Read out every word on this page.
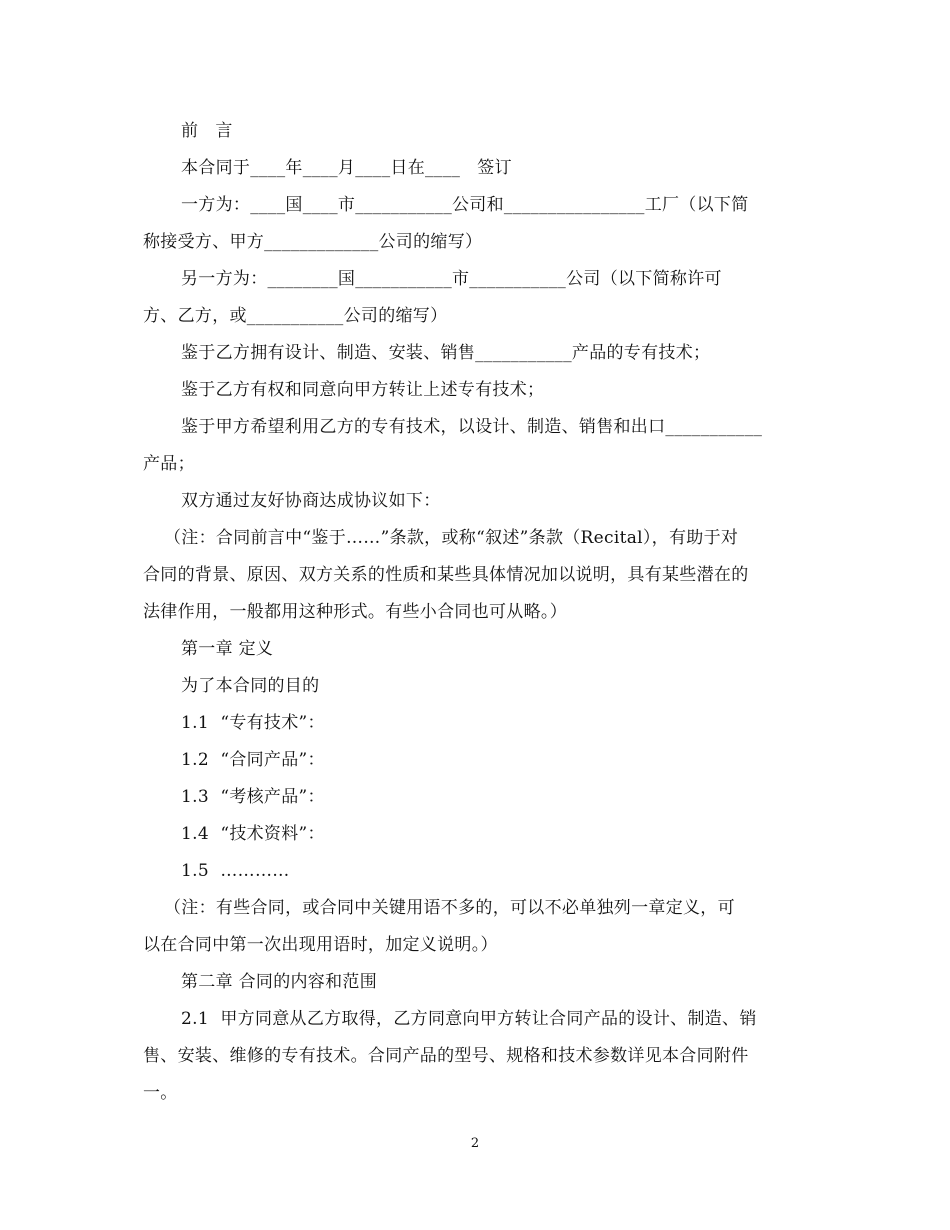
前   言
本合同于____年____月____日在____   签订
一方为：____国____市___________公司和________________工厂（以下简
称接受方、甲方_____________公司的缩写）
另一方为：________国___________市___________公司（以下简称许可
方、乙方，或___________公司的缩写）
鉴于乙方拥有设计、制造、安装、销售___________产品的专有技术；
鉴于乙方有权和同意向甲方转让上述专有技术；
鉴于甲方希望利用乙方的专有技术，以设计、制造、销售和出口___________
产品；
双方通过友好协商达成协议如下：
（注：合同前言中“鉴于……”条款，或称“叙述”条款（Recital），有助于对
合同的背景、原因、双方关系的性质和某些具体情况加以说明，具有某些潜在的
法律作用，一般都用这种形式。有些小合同也可从略。）
第一章 定义
为了本合同的目的
1.1  “专有技术”：
1.2  “合同产品”：
1.3  “考核产品”：
1.4  “技术资料”：
1.5  …………
（注：有些合同，或合同中关键用语不多的，可以不必单独列一章定义，可
以在合同中第一次出现用语时，加定义说明。）
第二章 合同的内容和范围
2.1  甲方同意从乙方取得，乙方同意向甲方转让合同产品的设计、制造、销
售、安装、维修的专有技术。合同产品的型号、规格和技术参数详见本合同附件
一。
2
